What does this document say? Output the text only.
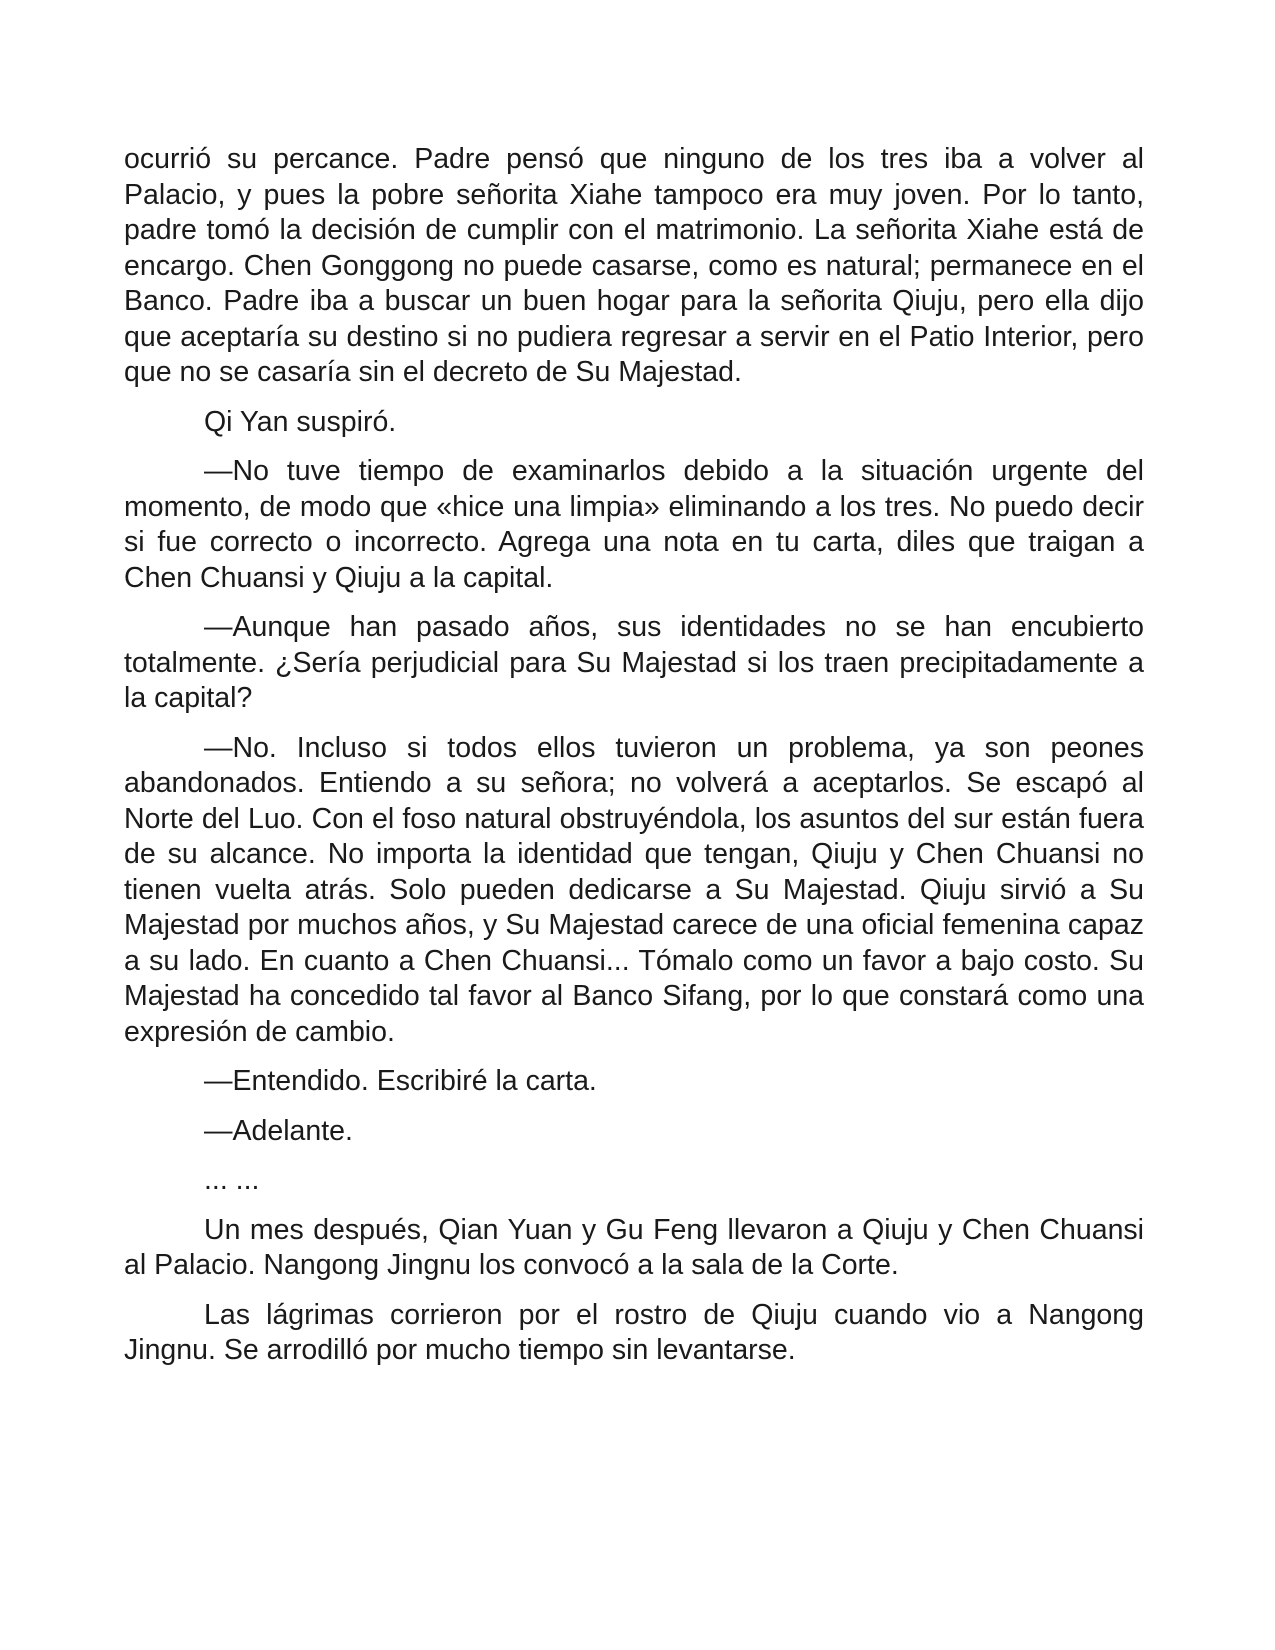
ocurrió su percance. Padre pensó que ninguno de los tres iba a volver al Palacio, y pues la pobre señorita Xiahe tampoco era muy joven. Por lo tanto, padre tomó la decisión de cumplir con el matrimonio. La señorita Xiahe está de encargo. Chen Gonggong no puede casarse, como es natural; permanece en el Banco. Padre iba a buscar un buen hogar para la señorita Qiuju, pero ella dijo que aceptaría su destino si no pudiera regresar a servir en el Patio Interior, pero que no se casaría sin el decreto de Su Majestad.

Qi Yan suspiró.

—No tuve tiempo de examinarlos debido a la situación urgente del momento, de modo que «hice una limpia» eliminando a los tres. No puedo decir si fue correcto o incorrecto. Agrega una nota en tu carta, diles que traigan a Chen Chuansi y Qiuju a la capital.

—Aunque han pasado años, sus identidades no se han encubierto totalmente. ¿Sería perjudicial para Su Majestad si los traen precipitadamente a la capital?

—No. Incluso si todos ellos tuvieron un problema, ya son peones abandonados. Entiendo a su señora; no volverá a aceptarlos. Se escapó al Norte del Luo. Con el foso natural obstruyéndola, los asuntos del sur están fuera de su alcance. No importa la identidad que tengan, Qiuju y Chen Chuansi no tienen vuelta atrás. Solo pueden dedicarse a Su Majestad. Qiuju sirvió a Su Majestad por muchos años, y Su Majestad carece de una oficial femenina capaz a su lado. En cuanto a Chen Chuansi... Tómalo como un favor a bajo costo. Su Majestad ha concedido tal favor al Banco Sifang, por lo que constará como una expresión de cambio.

—Entendido. Escribiré la carta.

—Adelante.

... ...

Un mes después, Qian Yuan y Gu Feng llevaron a Qiuju y Chen Chuansi al Palacio. Nangong Jingnu los convocó a la sala de la Corte.

Las lágrimas corrieron por el rostro de Qiuju cuando vio a Nangong Jingnu. Se arrodilló por mucho tiempo sin levantarse.
